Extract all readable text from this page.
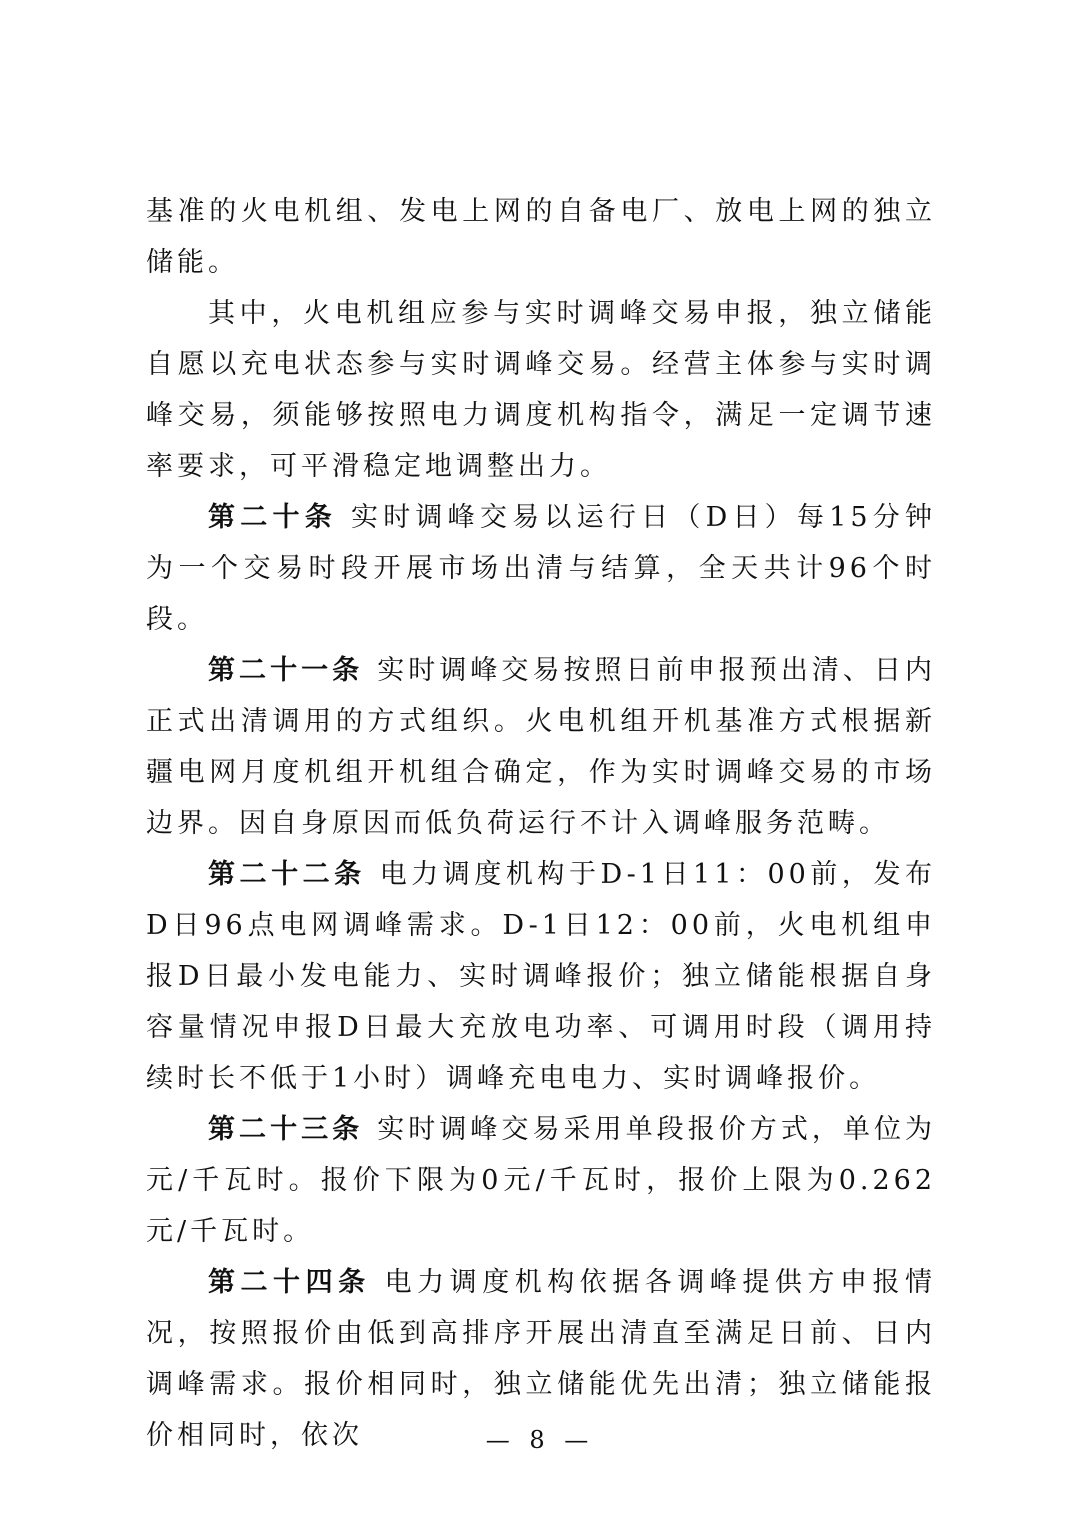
基准的火电机组、发电上网的自备电厂、放电上网的独立储能。

其中，火电机组应参与实时调峰交易申报，独立储能自愿以充电状态参与实时调峰交易。经营主体参与实时调峰交易，须能够按照电力调度机构指令，满足一定调节速率要求，可平滑稳定地调整出力。

第二十条 实时调峰交易以运行日（D日）每15分钟为一个交易时段开展市场出清与结算，全天共计96个时段。

第二十一条 实时调峰交易按照日前申报预出清、日内正式出清调用的方式组织。火电机组开机基准方式根据新疆电网月度机组开机组合确定，作为实时调峰交易的市场边界。因自身原因而低负荷运行不计入调峰服务范畴。

第二十二条 电力调度机构于D-1日11：00前，发布D日96点电网调峰需求。D-1日12：00前，火电机组申报D日最小发电能力、实时调峰报价；独立储能根据自身容量情况申报D日最大充放电功率、可调用时段（调用持续时长不低于1小时）调峰充电电力、实时调峰报价。

第二十三条 实时调峰交易采用单段报价方式，单位为元/千瓦时。报价下限为0元/千瓦时，报价上限为0.262元/千瓦时。

第二十四条 电力调度机构依据各调峰提供方申报情况，按照报价由低到高排序开展出清直至满足日前、日内调峰需求。报价相同时，独立储能优先出清；独立储能报价相同时，依次	— 8 —
